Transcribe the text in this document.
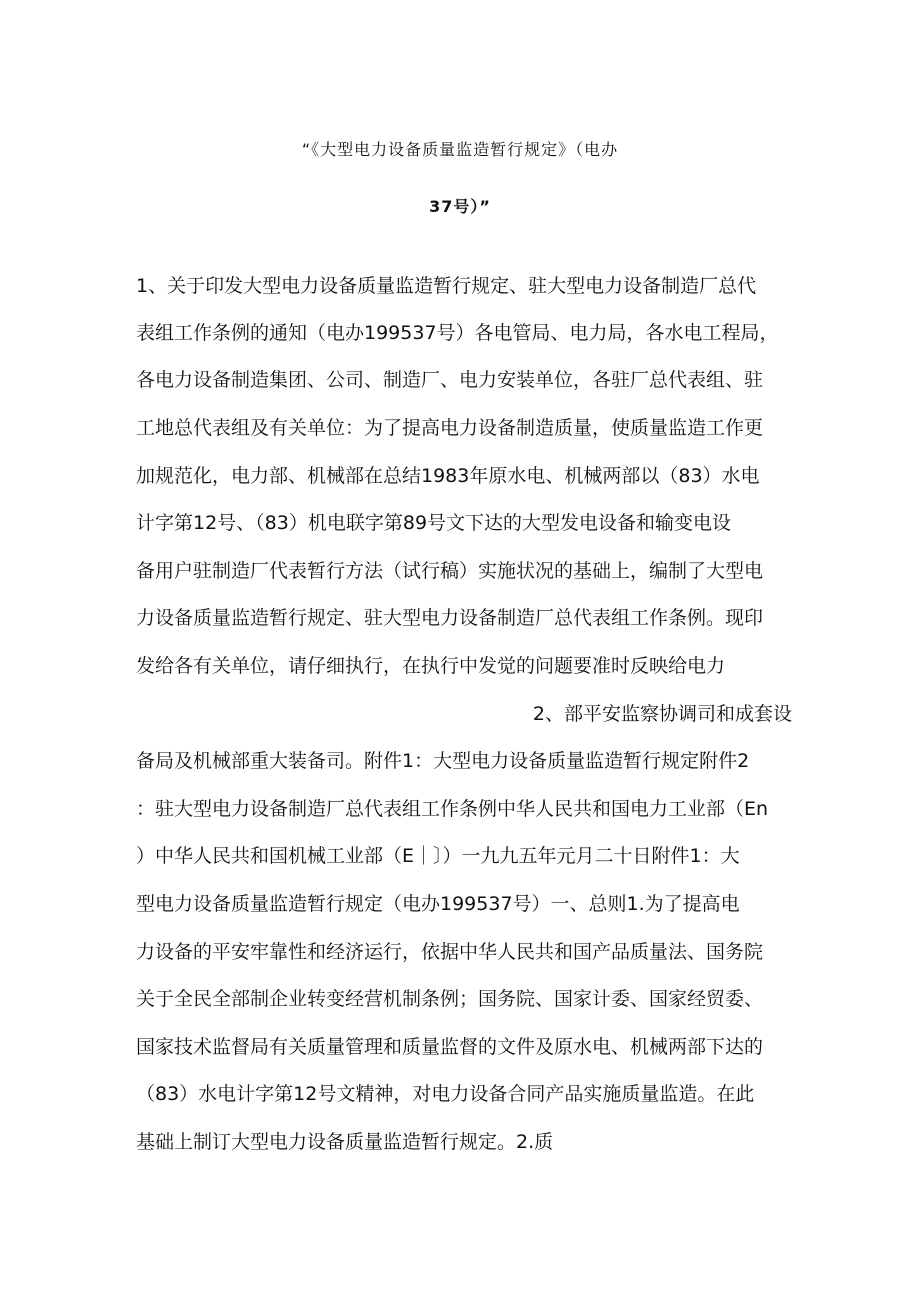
“《大型电力设备质量监造暂行规定》（电办
37号）”
1、关于印发大型电力设备质量监造暂行规定、驻大型电力设备制造厂总代
表组工作条例的通知（电办199537号）各电管局、电力局，各水电工程局，
各电力设备制造集团、公司、制造厂、电力安装单位，各驻厂总代表组、驻
工地总代表组及有关单位：为了提高电力设备制造质量，使质量监造工作更
加规范化，电力部、机械部在总结1983年原水电、机械两部以（83）水电
计字第12号、（83）机电联字第89号文下达的大型发电设备和输变电设
备用户驻制造厂代表暂行方法（试行稿）实施状况的基础上，编制了大型电
力设备质量监造暂行规定、驻大型电力设备制造厂总代表组工作条例。现印
发给各有关单位，请仔细执行，在执行中发觉的问题要准时反映给电力
2、部平安监察协调司和成套设
备局及机械部重大装备司。附件1：大型电力设备质量监造暂行规定附件2
：驻大型电力设备制造厂总代表组工作条例中华人民共和国电力工业部（En
）中华人民共和国机械工业部（E｜〕）一九九五年元月二十日附件1：大
型电力设备质量监造暂行规定（电办199537号）一、总则1.为了提高电
力设备的平安牢靠性和经济运行，依据中华人民共和国产品质量法、国务院
关于全民全部制企业转变经营机制条例；国务院、国家计委、国家经贸委、
国家技术监督局有关质量管理和质量监督的文件及原水电、机械两部下达的
（83）水电计字第12号文精神，对电力设备合同产品实施质量监造。在此
基础上制订大型电力设备质量监造暂行规定。2.质
